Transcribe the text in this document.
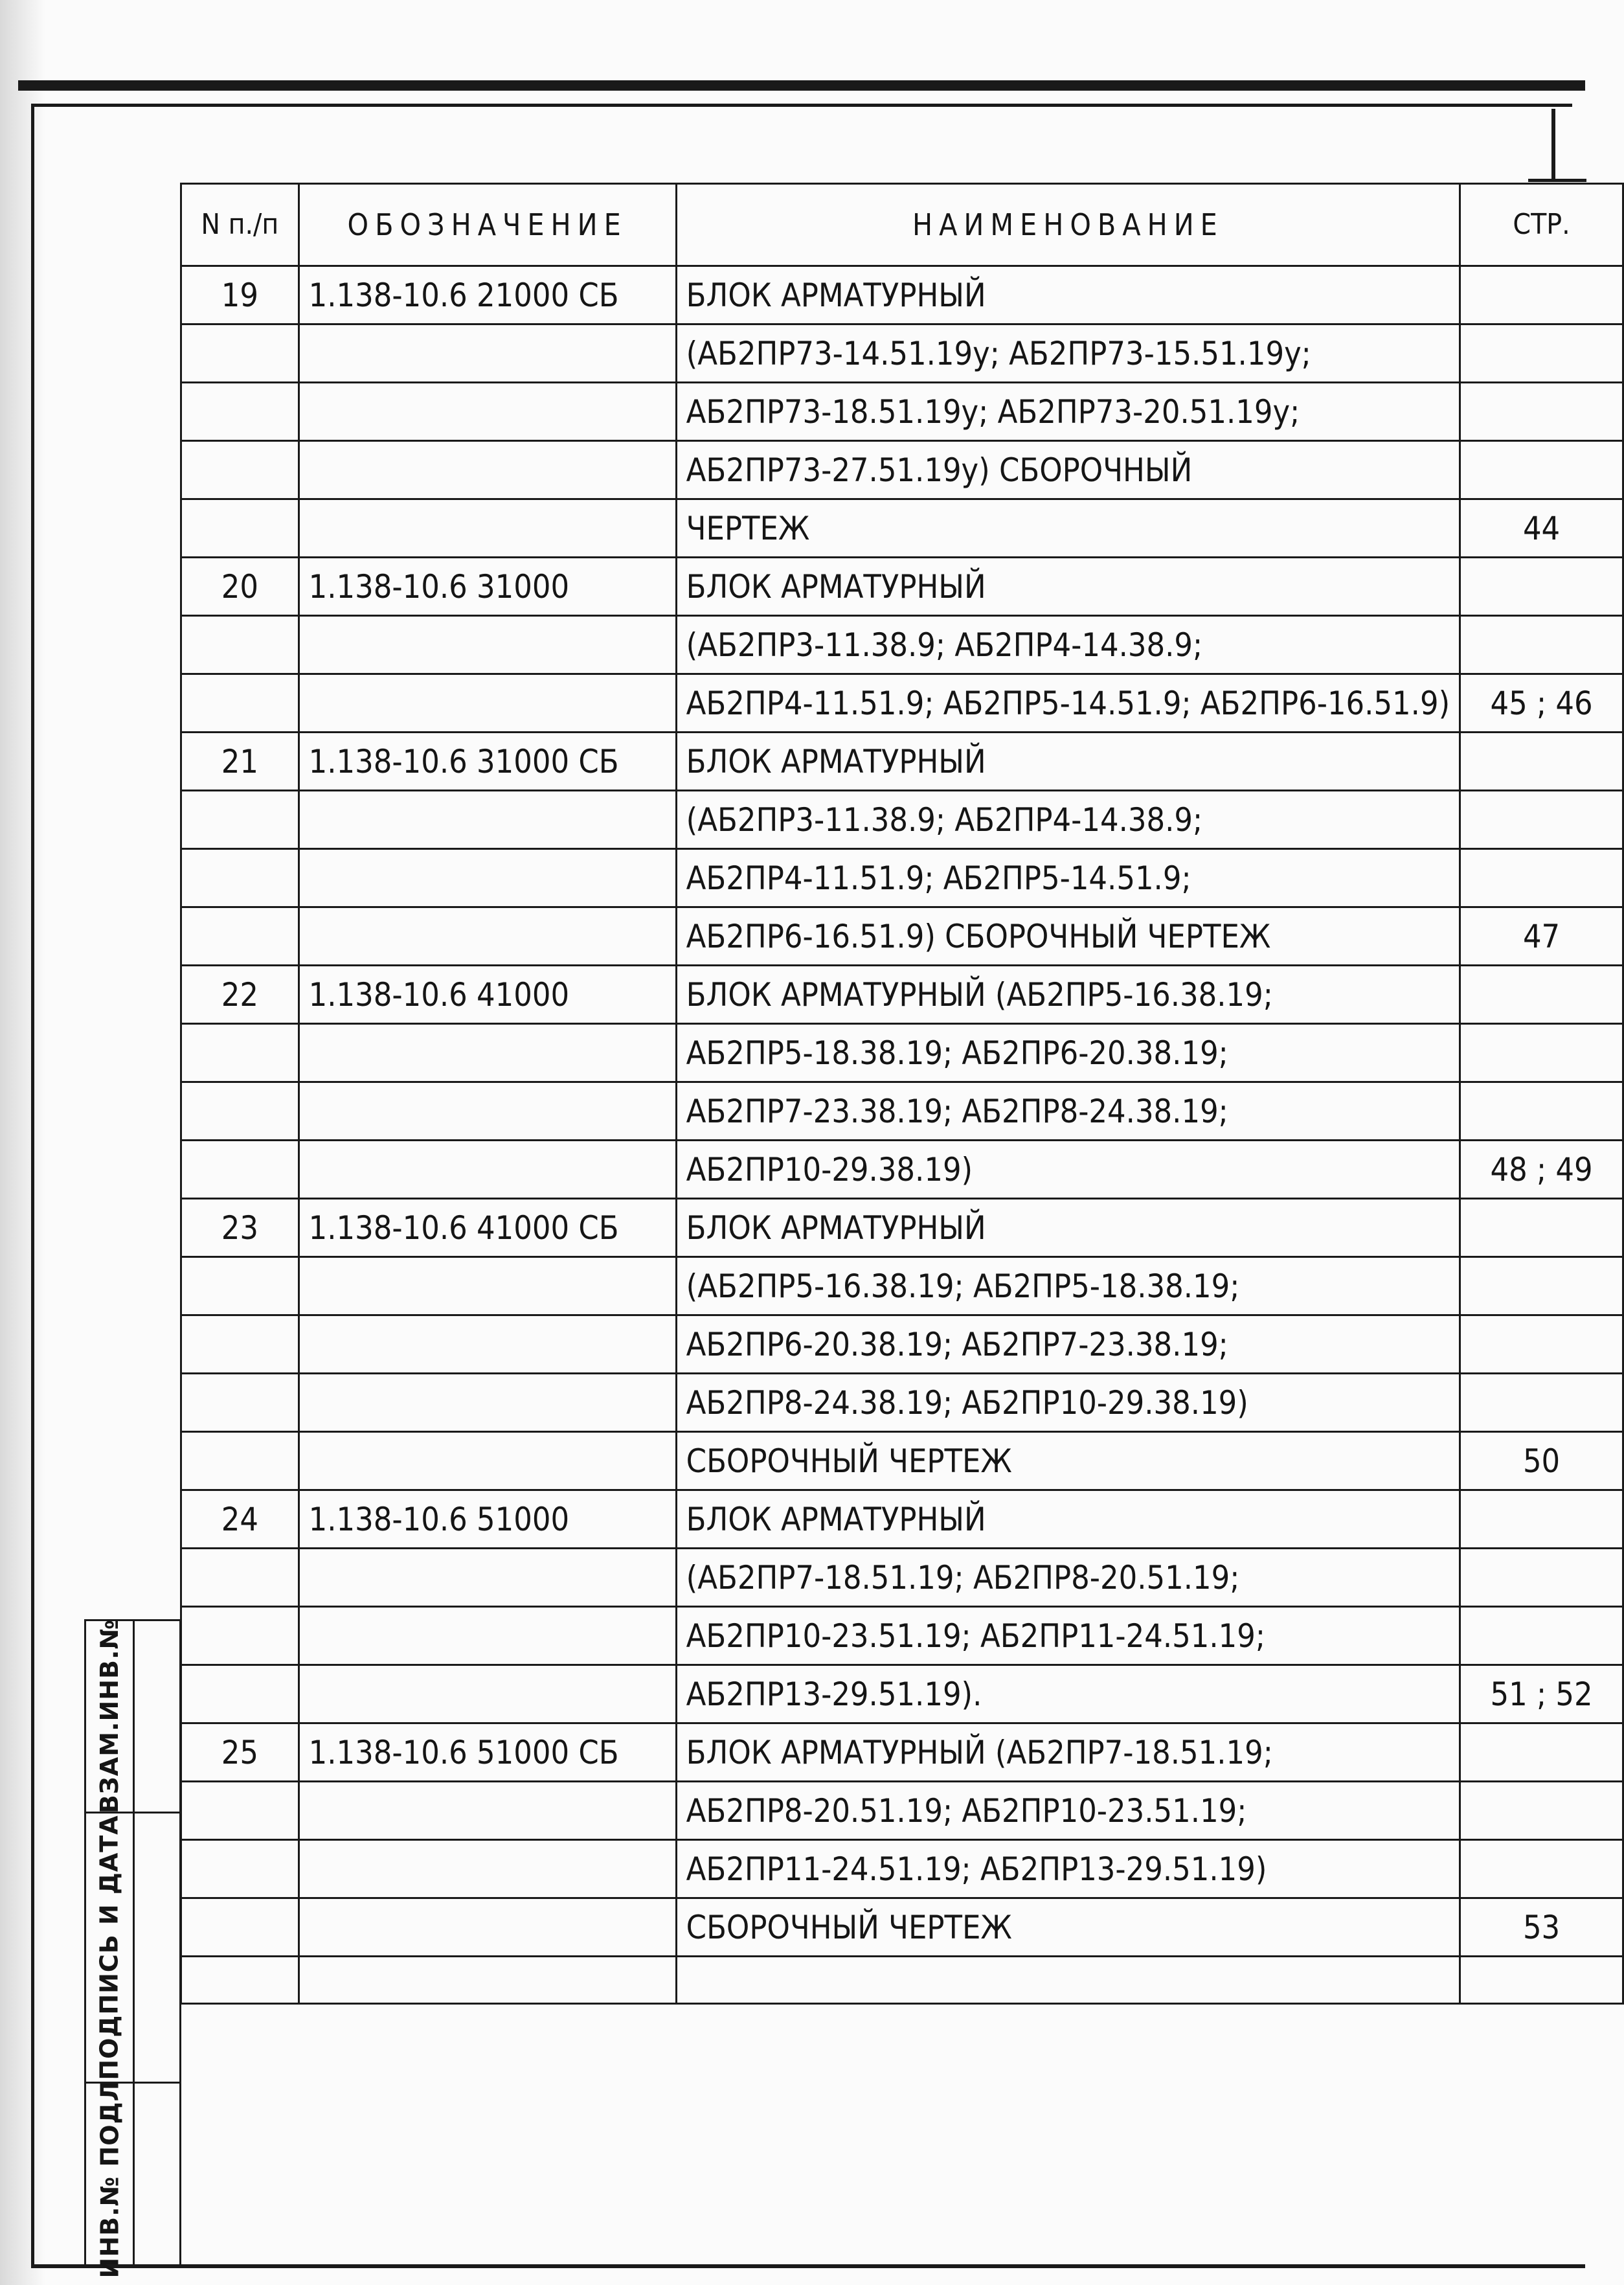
N п./п	ОБОЗНАЧЕНИЕ	НАИМЕНОВАНИЕ	СТР.
19	1.138-10.6 21000 СБ	БЛОК АРМАТУРНЫЙ	
		(АБ2ПР73-14.51.19у; АБ2ПР73-15.51.19у;	
		АБ2ПР73-18.51.19у; АБ2ПР73-20.51.19у;	
		АБ2ПР73-27.51.19у) СБОРОЧНЫЙ	
		ЧЕРТЕЖ	44
20	1.138-10.6 31000	БЛОК АРМАТУРНЫЙ	
		(АБ2ПР3-11.38.9; АБ2ПР4-14.38.9;	
		АБ2ПР4-11.51.9; АБ2ПР5-14.51.9; АБ2ПР6-16.51.9)	45 ; 46
21	1.138-10.6 31000 СБ	БЛОК АРМАТУРНЫЙ	
		(АБ2ПР3-11.38.9; АБ2ПР4-14.38.9;	
		АБ2ПР4-11.51.9; АБ2ПР5-14.51.9;	
		АБ2ПР6-16.51.9) СБОРОЧНЫЙ ЧЕРТЕЖ	47
22	1.138-10.6 41000	БЛОК АРМАТУРНЫЙ (АБ2ПР5-16.38.19;	
		АБ2ПР5-18.38.19; АБ2ПР6-20.38.19;	
		АБ2ПР7-23.38.19; АБ2ПР8-24.38.19;	
		АБ2ПР10-29.38.19)	48 ; 49
23	1.138-10.6 41000 СБ	БЛОК АРМАТУРНЫЙ	
		(АБ2ПР5-16.38.19; АБ2ПР5-18.38.19;	
		АБ2ПР6-20.38.19; АБ2ПР7-23.38.19;	
		АБ2ПР8-24.38.19; АБ2ПР10-29.38.19)	
		СБОРОЧНЫЙ ЧЕРТЕЖ	50
24	1.138-10.6 51000	БЛОК АРМАТУРНЫЙ	
		(АБ2ПР7-18.51.19; АБ2ПР8-20.51.19;	
		АБ2ПР10-23.51.19; АБ2ПР11-24.51.19;	
		АБ2ПР13-29.51.19).	51 ; 52
25	1.138-10.6 51000 СБ	БЛОК АРМАТУРНЫЙ (АБ2ПР7-18.51.19;	
		АБ2ПР8-20.51.19; АБ2ПР10-23.51.19;	
		АБ2ПР11-24.51.19; АБ2ПР13-29.51.19)	
		СБОРОЧНЫЙ ЧЕРТЕЖ	53

ВЗАМ.ИНВ.№
ПОДПИСЬ И ДАТА
ИНВ.№ ПОДЛ.
